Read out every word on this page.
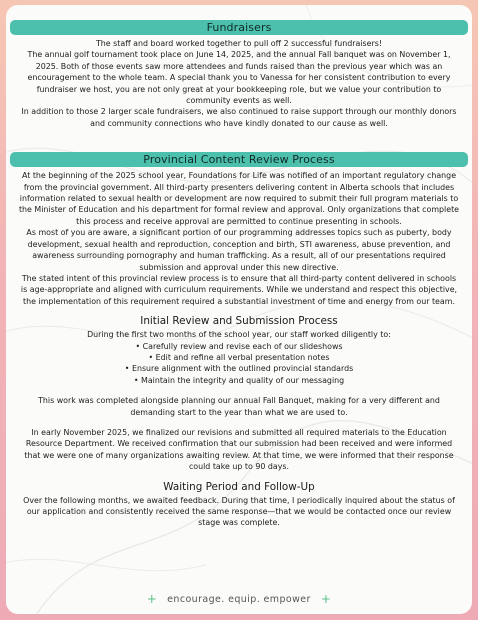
Fundraisers

The staff and board worked together to pull off 2 successful fundraisers!

The annual golf tournament took place on June 14, 2025, and the annual Fall banquet was on November 1, 2025. Both of those events saw more attendees and funds raised than the previous year which was an encouragement to the whole team. A special thank you to Vanessa for her consistent contribution to every fundraiser we host, you are not only great at your bookkeeping role, but we value your contribution to community events as well.

In addition to those 2 larger scale fundraisers, we also continued to raise support through our monthly donors and community connections who have kindly donated to our cause as well.

Provincial Content Review Process

At the beginning of the 2025 school year, Foundations for Life was notified of an important regulatory change from the provincial government. All third-party presenters delivering content in Alberta schools that includes information related to sexual health or development are now required to submit their full program materials to the Minister of Education and his department for formal review and approval. Only organizations that complete this process and receive approval are permitted to continue presenting in schools.

As most of you are aware, a significant portion of our programming addresses topics such as puberty, body development, sexual health and reproduction, conception and birth, STI awareness, abuse prevention, and awareness surrounding pornography and human trafficking. As a result, all of our presentations required submission and approval under this new directive.

The stated intent of this provincial review process is to ensure that all third-party content delivered in schools is age-appropriate and aligned with curriculum requirements. While we understand and respect this objective, the implementation of this requirement required a substantial investment of time and energy from our team.

Initial Review and Submission Process

During the first two months of the school year, our staff worked diligently to:

• Carefully review and revise each of our slideshows
• Edit and refine all verbal presentation notes
• Ensure alignment with the outlined provincial standards
• Maintain the integrity and quality of our messaging

This work was completed alongside planning our annual Fall Banquet, making for a very different and demanding start to the year than what we are used to.

In early November 2025, we finalized our revisions and submitted all required materials to the Education Resource Department. We received confirmation that our submission had been received and were informed that we were one of many organizations awaiting review. At that time, we were informed that their response could take up to 90 days.

Waiting Period and Follow-Up

Over the following months, we awaited feedback. During that time, I periodically inquired about the status of our application and consistently received the same response—that we would be contacted once our review stage was complete.

+ encourage. equip. empower +
